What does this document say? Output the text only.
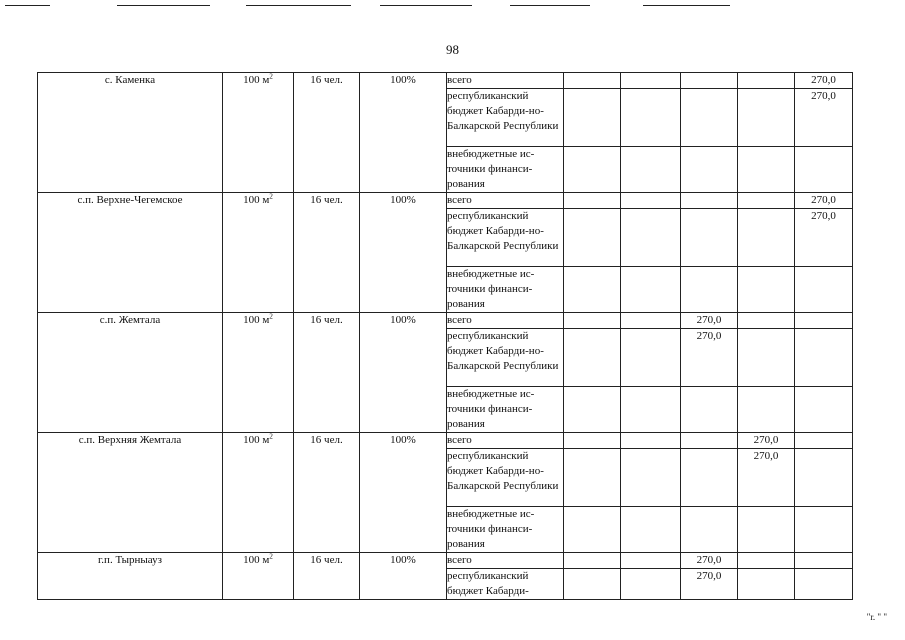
98
с. Каменка	100 $м^2$	16 чел.	100%	всего					270,0
				республиканский бюджет Кабарди-но-Балкарской Республики					270,0
				внебюджетные ис-точники финанси-рования					
с.п. Верхне-Чегемское	100 $м^2$	16 чел.	100%	всего					270,0
				республиканский бюджет Кабарди-но-Балкарской Республики					270,0
				внебюджетные ис-точники финанси-рования					
с.п. Жемтала	100 $м^2$	16 чел.	100%	всего			270,0		
				республиканский бюджет Кабарди-но-Балкарской Республики			270,0		
				внебюджетные ис-точники финанси-рования					
с.п. Верхняя Жемтала	100 $м^2$	16 чел.	100%	всего				270,0	
				республиканский бюджет Кабарди-но-Балкарской Республики				270,0	
				внебюджетные ис-точники финанси-рования					
г.п. Тырныауз	100 $м^2$	16 чел.	100%	всего			270,0		
				республиканский бюджет Кабарди-			270,0		
"r. " "
